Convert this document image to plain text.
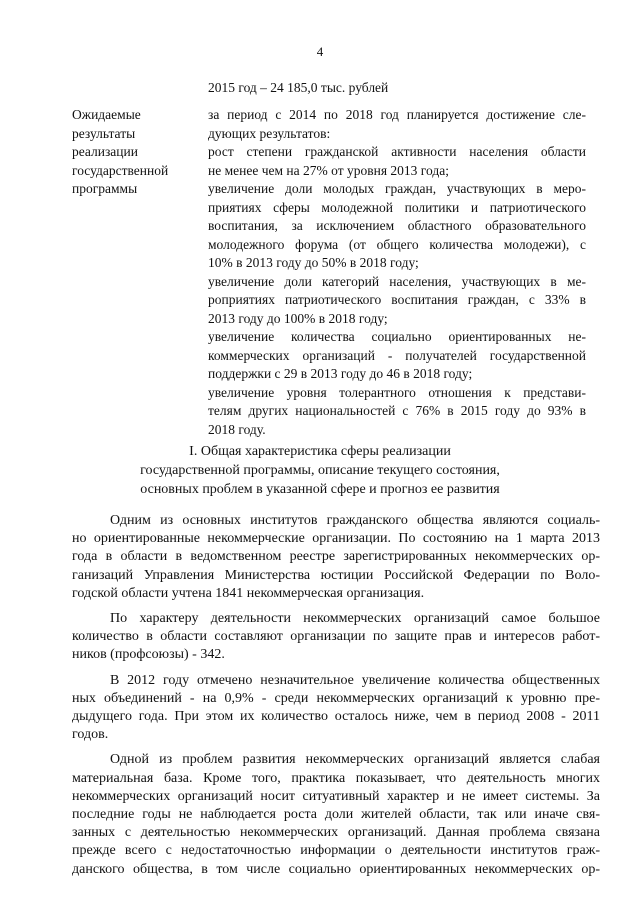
4
2015 год – 24 185,0 тыс. рублей
Ожидаемые
результаты
реализации
государственной
программы
за период с 2014 по 2018 год планируется достижение сле-
дующих результатов:
рост степени гражданской активности населения области
не менее чем на 27% от уровня 2013 года;
увеличение доли молодых граждан, участвующих в меро-
приятиях сферы молодежной политики и патриотического
воспитания, за исключением областного образовательного
молодежного форума (от общего количества молодежи), с
10% в 2013 году до 50% в 2018 году;
увеличение доли категорий населения, участвующих в ме-
роприятиях патриотического воспитания граждан, с 33% в
2013 году до 100% в 2018 году;
увеличение количества социально ориентированных не-
коммерческих организаций - получателей государственной
поддержки с 29 в 2013 году до 46 в 2018 году;
увеличение уровня толерантного отношения к представи-
телям других национальностей с 76% в 2015 году до 93% в
2018 году.
I. Общая характеристика сферы реализации
государственной программы, описание текущего состояния,
основных проблем в указанной сфере и прогноз ее развития
Одним из основных институтов гражданского общества являются социаль-
но ориентированные некоммерческие организации. По состоянию на 1 марта 2013
года в области в ведомственном реестре зарегистрированных некоммерческих ор-
ганизаций Управления Министерства юстиции Российской Федерации по Воло-
годской области учтена 1841 некоммерческая организация.
По характеру деятельности некоммерческих организаций самое большое
количество в области составляют организации по защите прав и интересов работ-
ников (профсоюзы) - 342.
В 2012 году отмечено незначительное увеличение количества общественных
ных объединений - на 0,9% - среди некоммерческих организаций к уровню пре-
дыдущего года. При этом их количество осталось ниже, чем в период 2008 - 2011
годов.
Одной из проблем развития некоммерческих организаций является слабая
материальная база. Кроме того, практика показывает, что деятельность многих
некоммерческих организаций носит ситуативный характер и не имеет системы. За
последние годы не наблюдается роста доли жителей области, так или иначе свя-
занных с деятельностью некоммерческих организаций. Данная проблема связана
прежде всего с недостаточностью информации о деятельности институтов граж-
данского общества, в том числе социально ориентированных некоммерческих ор-
